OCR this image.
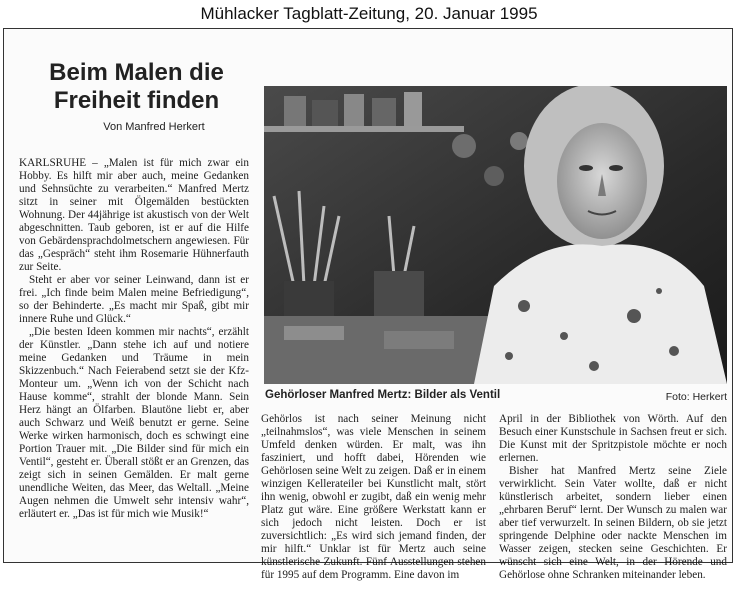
Mühlacker Tagblatt-Zeitung, 20. Januar 1995
Beim Malen die Freiheit finden
Von Manfred Herkert

KARLSRUHE – „Malen ist für mich zwar ein Hobby. Es hilft mir aber auch, meine Gedanken und Sehnsüchte zu verarbeiten.“ Manfred Mertz sitzt in seiner mit Ölgemälden bestückten Wohnung. Der 44jährige ist akustisch von der Welt abgeschnitten. Taub geboren, ist er auf die Hilfe von Gebärdensprachdolmetschern angewiesen. Für das „Gespräch“ steht ihm Rosemarie Hühnerfauth zur Seite.

Steht er aber vor seiner Leinwand, dann ist er frei. „Ich finde beim Malen meine Befriedigung“, so der Behinderte. „Es macht mir Spaß, gibt mir innere Ruhe und Glück.“

„Die besten Ideen kommen mir nachts“, erzählt der Künstler. „Dann stehe ich auf und notiere meine Gedanken und Träume in mein Skizzenbuch.“ Nach Feierabend setzt sie der Kfz-Monteur um. „Wenn ich von der Schicht nach Hause komme“, strahlt der blonde Mann. Sein Herz hängt an Ölfarben. Blautöne liebt er, aber auch Schwarz und Weiß benutzt er gerne. Seine Werke wirken harmonisch, doch es schwingt eine Portion Trauer mit. „Die Bilder sind für mich ein Ventil“, gesteht er. Überall stößt er an Grenzen, das zeigt sich in seinen Gemälden. Er malt gerne unendliche Weiten, das Meer, das Weltall. „Meine Augen nehmen die Umwelt sehr intensiv wahr“, erläutert er. „Das ist für mich wie Musik!“

Gehörloser Manfred Mertz: Bilder als Ventil	Foto: Herkert

Gehörlos ist nach seiner Meinung nicht „teilnahmslos“, was viele Menschen in seinem Umfeld denken würden. Er malt, was ihn fasziniert, und hofft dabei, Hörenden wie Gehörlosen seine Welt zu zeigen. Daß er in einem winzigen Kellerateiler bei Kunstlicht malt, stört ihn wenig, obwohl er zugibt, daß ein wenig mehr Platz gut wäre. Eine größere Werkstatt kann er sich jedoch nicht leisten. Doch er ist zuversichtlich: „Es wird sich jemand finden, der mir hilft.“ Unklar ist für Mertz auch seine künstlerische Zukunft. Fünf Ausstellungen stehen für 1995 auf dem Programm. Eine davon im

April in der Bibliothek von Wörth. Auf den Besuch einer Kunstschule in Sachsen freut er sich. Die Kunst mit der Spritzpistole möchte er noch erlernen.

Bisher hat Manfred Mertz seine Ziele verwirklicht. Sein Vater wollte, daß er nicht künstlerisch arbeitet, sondern lieber einen „ehrbaren Beruf“ lernt. Der Wunsch zu malen war aber tief verwurzelt. In seinen Bildern, ob sie jetzt springende Delphine oder nackte Menschen im Wasser zeigen, stecken seine Geschichten. Er wünscht sich eine Welt, in der Hörende und Gehörlose ohne Schranken miteinander leben.
